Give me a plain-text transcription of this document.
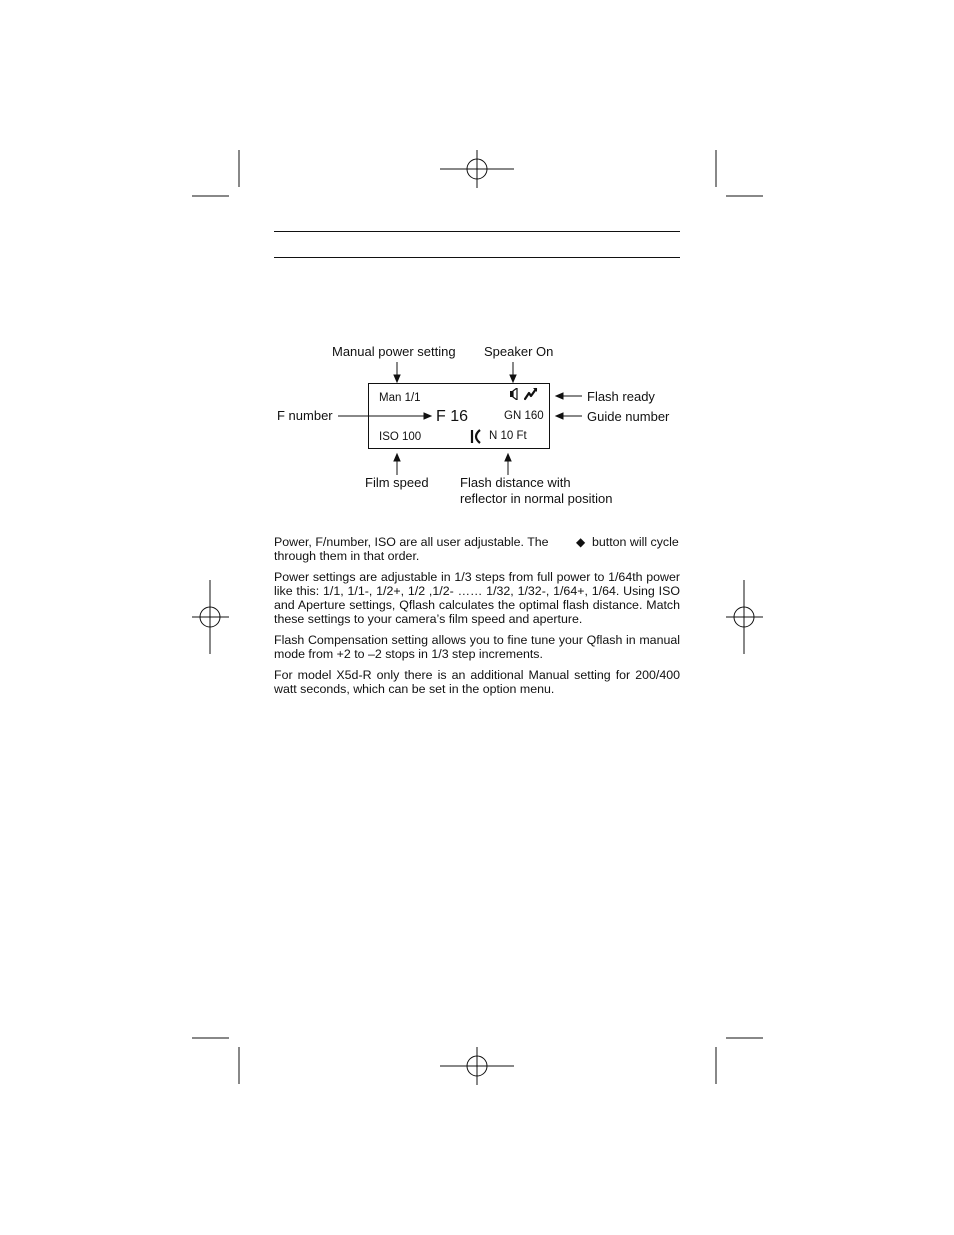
Manual power setting Speaker On
Flash ready
Guide number
F number
Film speed Flash distance with
reflector in normal position
Man 1/1
F 16	GN 160
ISO 100	N 10 Ft

Power, F/number, ISO are all user adjustable. The ◆ button will cycle through them in that order.

Power settings are adjustable in 1/3 steps from full power to 1/64th power like this: 1/1, 1/1-, 1/2+, 1/2 ,1/2- …… 1/32, 1/32-, 1/64+, 1/64. Using ISO and Aperture settings, Qflash calculates the optimal flash distance. Match these settings to your camera’s film speed and aperture.

Flash Compensation setting allows you to fine tune your Qflash in manual mode from +2 to –2 stops in 1/3 step increments.

For model X5d-R only there is an additional Manual setting for 200/400 watt seconds, which can be set in the option menu.
